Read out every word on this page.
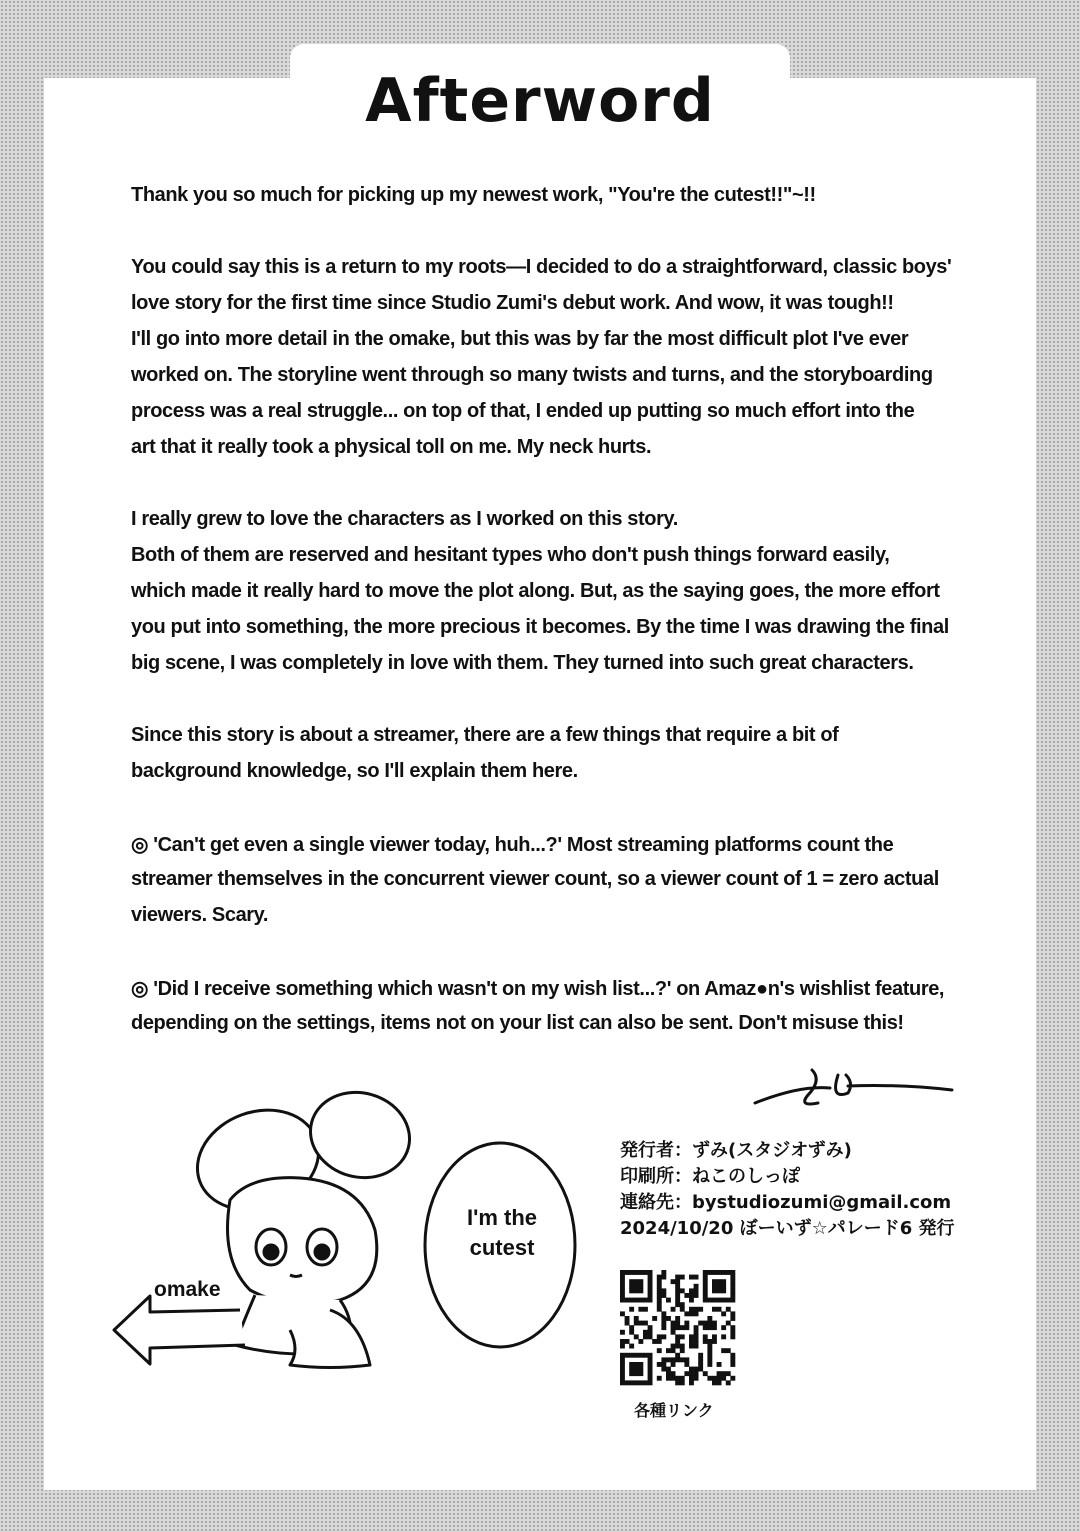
Afterword
Thank you so much for picking up my newest work, "You're the cutest!!"~!!
You could say this is a return to my roots—I decided to do a straightforward, classic boys'
love story for the first time since Studio Zumi's debut work. And wow, it was tough!!
I'll go into more detail in the omake, but this was by far the most difficult plot I've ever
worked on. The storyline went through so many twists and turns, and the storyboarding
process was a real struggle... on top of that, I ended up putting so much effort into the
art that it really took a physical toll on me. My neck hurts.
I really grew to love the characters as I worked on this story.
Both of them are reserved and hesitant types who don't push things forward easily,
which made it really hard to move the plot along. But, as the saying goes, the more effort
you put into something, the more precious it becomes. By the time I was drawing the final
big scene, I was completely in love with them. They turned into such great characters.
Since this story is about a streamer, there are a few things that require a bit of
background knowledge, so I'll explain them here.
◎ 'Can't get even a single viewer today, huh...?' Most streaming platforms count the
streamer themselves in the concurrent viewer count, so a viewer count of 1 = zero actual
viewers. Scary.
◎ 'Did I receive something which wasn't on my wish list...?' on Amaz●n's wishlist feature,
depending on the settings, items not on your list can also be sent. Don't misuse this!
I'm the
cutest
omake
発行者：ずみ(スタジオずみ)
印刷所：ねこのしっぽ
連絡先：bystudiozumi@gmail.com
2024/10/20 ぼーいず☆パレード6 発行
各種リンク
